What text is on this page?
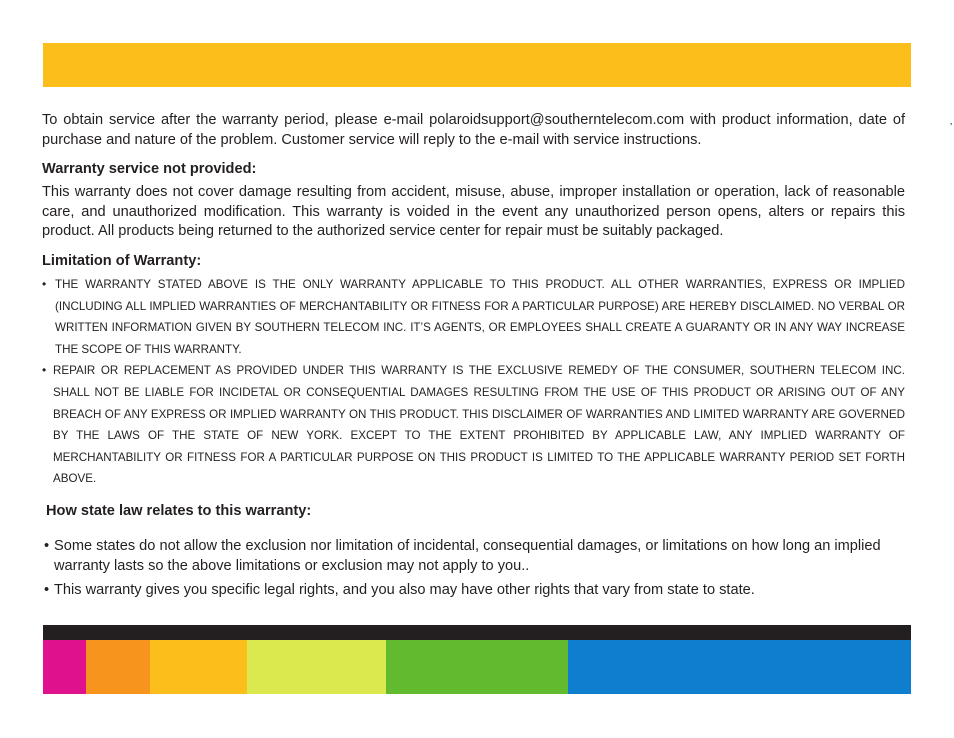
’

To obtain service after the warranty period, please e-mail polaroidsupport@southerntelecom.com with product information, date of purchase and nature of the problem. Customer service will reply to the e-mail with service instructions.

Warranty service not provided:

This warranty does not cover damage resulting from accident, misuse, abuse, improper installation or operation, lack of reasonable care, and unauthorized modification. This warranty is voided in the event any unauthorized person opens, alters or repairs this product. All products being returned to the authorized service center for repair must be suitably packaged.

Limitation of Warranty:

• THE WARRANTY STATED ABOVE IS THE ONLY WARRANTY APPLICABLE TO THIS PRODUCT. ALL OTHER WARRANTIES, EXPRESS OR IMPLIED (INCLUDING ALL IMPLIED WARRANTIES OF MERCHANTABILITY OR FITNESS FOR A PARTICULAR PURPOSE) ARE HEREBY DISCLAIMED. NO VERBAL OR WRITTEN INFORMATION GIVEN BY SOUTHERN TELECOM INC. IT’S AGENTS, OR EMPLOYEES SHALL CREATE A GUARANTY OR IN ANY WAY INCREASE THE SCOPE OF THIS WARRANTY.
• REPAIR OR REPLACEMENT AS PROVIDED UNDER THIS WARRANTY IS THE EXCLUSIVE REMEDY OF THE CONSUMER, SOUTHERN TELECOM INC. SHALL NOT BE LIABLE FOR INCIDETAL OR CONSEQUENTIAL DAMAGES RESULTING FROM THE USE OF THIS PRODUCT OR ARISING OUT OF ANY BREACH OF ANY EXPRESS OR IMPLIED WARRANTY ON THIS PRODUCT. THIS DISCLAIMER OF WARRANTIES AND LIMITED WARRANTY ARE GOVERNED BY THE LAWS OF THE STATE OF NEW YORK. EXCEPT TO THE EXTENT PROHIBITED BY APPLICABLE LAW, ANY IMPLIED WARRANTY OF MERCHANTABILITY OR FITNESS FOR A PARTICULAR PURPOSE ON THIS PRODUCT IS LIMITED TO THE APPLICABLE WARRANTY PERIOD SET FORTH ABOVE.

How state law relates to this warranty:

• Some states do not allow the exclusion nor limitation of incidental, consequential damages, or limitations on how long an implied warranty lasts so the above limitations or exclusion may not apply to you..
• This warranty gives you specific legal rights, and you also may have other rights that vary from state to state.
